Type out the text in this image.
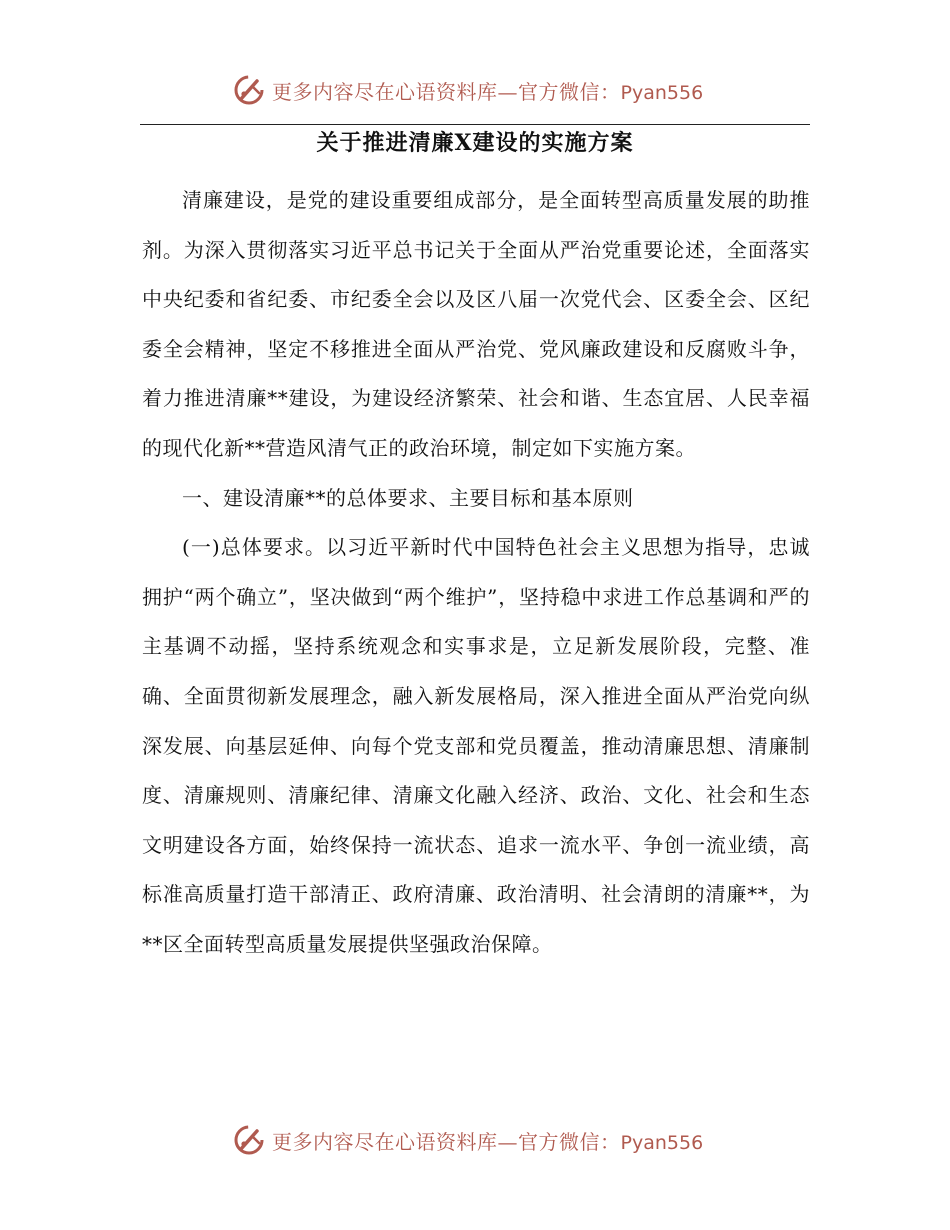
更多内容尽在心语资料库—官方微信：Pyan556
关于推进清廉X建设的实施方案

清廉建设，是党的建设重要组成部分，是全面转型高质量发展的助推剂。为深入贯彻落实习近平总书记关于全面从严治党重要论述，全面落实中央纪委和省纪委、市纪委全会以及区八届一次党代会、区委全会、区纪委全会精神，坚定不移推进全面从严治党、党风廉政建设和反腐败斗争，着力推进清廉**建设，为建设经济繁荣、社会和谐、生态宜居、人民幸福的现代化新**营造风清气正的政治环境，制定如下实施方案。

一、建设清廉**的总体要求、主要目标和基本原则

(一)总体要求。以习近平新时代中国特色社会主义思想为指导，忠诚拥护“两个确立”，坚决做到“两个维护”，坚持稳中求进工作总基调和严的主基调不动摇，坚持系统观念和实事求是，立足新发展阶段，完整、准确、全面贯彻新发展理念，融入新发展格局，深入推进全面从严治党向纵深发展、向基层延伸、向每个党支部和党员覆盖，推动清廉思想、清廉制度、清廉规则、清廉纪律、清廉文化融入经济、政治、文化、社会和生态文明建设各方面，始终保持一流状态、追求一流水平、争创一流业绩，高标准高质量打造干部清正、政府清廉、政治清明、社会清朗的清廉**，为**区全面转型高质量发展提供坚强政治保障。

更多内容尽在心语资料库—官方微信：Pyan556
